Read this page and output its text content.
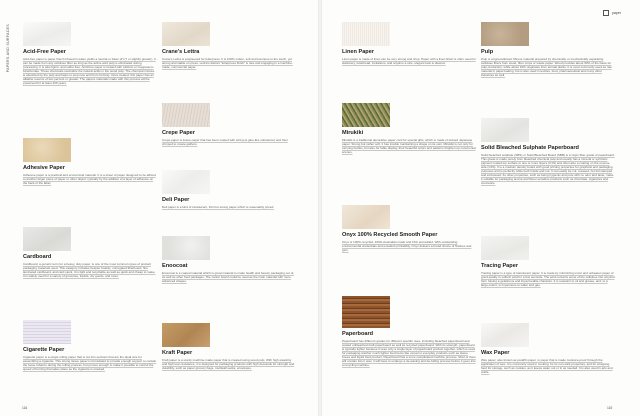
PAPERS AND SURFACES
paper
Acid-Free Paper
Acid-free paper is paper that if infused in water yields a neutral or basic pH (7 or slightly greater). It can be made from any cellulose fiber as long as the active acid pulp is eliminated during processing. It is also lignin- and sulfur-free. Acid-free paper is treated with calcium or magnesium bicarbonate. These chemicals neutralize the natural acids in the wood pulp. The chemical mixture is absorbed by the pulp and helps to stop new acid from forming. Once treated, this paper has an alkaline reserve of two percent or greater. The papers materials made with this process will be preserved for at least 100 years.
Adhesive Paper
Adhesive paper is a practical and economical material. It is a sheet of paper designed to be affixed to another larger piece of paper or other object, typically by the addition of a layer of adhesive on the back of the label.
Cardboard
Cardboard, a generic term for a heavy, duty paper, is one of the most common types of product packaging materials used. This category includes heavier boards, corrugated fiberboard, fine laminated cardboard, and card stock. It is light and recyclable as well as quick and cheap to make. It is widely used for a variety of groceries, liquids, dry goods, and more.
Cigarette Paper
Cigarette paper is a single rolling paper that is cut into sections that are the ideal size for assembling a cigarette. This strong tissue paper is formulated to provide enough support to contain the loose tobacco during the rolling process, but porous enough to make it possible to control the speed of burning that takes place as the cigarette is smoked.
Crane's Lettra
Crane's Lettra is engineered for letterpress. It is 100% cotton, soft and luxurious to the touch, yet strong and stable on press. Lettra's distinct "letterpress finish" is rare and engaging in a machine-made, commercial paper.
Crepe Paper
Crepe paper is tissue paper that has been coated with sizing (a glue-like substance) and then crimped to create gathers.
Deli Paper
Deli paper is a kind of translucent, thin but strong paper which is reasonably priced.
Enoocoat
Enoocoat is a coated material which is great material to make health and beauty packaging out of, as well as other food packages. The carton board could be used as the main material with more advanced shapes.
Kraft Paper
Kraft paper is a sturdy machine-made paper that is created using wood pulp. With high elasticity and high tear resistance, it is designed for packaging products with high demands for strength and durability, such as paper grocery bags, multiwall sacks, envelopes.
Linen Paper
Linen paper is made of linen can be very strong and crisp. Paper with a linen finish is often used for stationery, letterhead, invitations, and anytime a nice, elegant look is desired.
Mirukiki
Mirukiki is a traditional decorative paper cord for special gifts, which is made of twisted Japanese paper. Strong but rather soft, it has trouble maintaining a shape on its own. Mirukiki is not only for carrying bottles, but also for table display, their beautiful colors and patterns brighten up ceremonial scenes.
Onyx 100% Recycled Smooth Paper
Onyx is 100% recycled, 100% Australian made and FSC accredited. With outstanding environmental credentials and excellent printability, Onyx delivers a broad choice of finishes and gsm.
Paperboard
Paperboard has different grades for different specific uses, including bleached paperboard and coated unbleached kraft paperboard as well as recycled paperboard. With its strength, paperboard is typically lighter because it uses only a single layer of paperboard product together, which is used for packaging another much lighter food items like cereal or everyday products such as tissue boxes and liquid food product. Paperboard has a more complicated machine process. Most of them will contain foil or wax; it will have to undergo a de-waxing and de-foiling process before it goes into a recycling machine.
Pulp
Pulp is a lignocellulosic fibrous material prepared by chemically or mechanically separating cellulose fibers from wood, fiber crops or waste paper. Wood provides about 90% of the basis for pulp production, while about 10% originates from annual plants. It is most commonly used as raw material in papermaking, but is also used in textiles, food, pharmaceutical and many other industries as well.
Solid Bleached Sulphate Paperboard
Solid bleached sulphate (SBS) or Solid Bleached Board (SBB) is a virgin fiber grade of paperboard. This grade is made purely from bleached chemical pulp and usually has a mineral or synthetic pigment coated top surface in one or more layers (C1S) and often also a coating on the reverse side (C2S). It is a medium density board with good printing properties for graphical and packaging purposes and is perfectly white both inside and out. It can easily be cut, creased, hot foil stamped and embossed. Its other properties, such as being hygienic and pure with no odor and taste, make it suitable for packaging aroma and flavor sensitive products such as chocolate, cigarettes and cosmetics.
Tracing Paper
Tracing paper is a type of translucent paper. It is made by minimizing uncut and unbeaten paper of good quality in sulfuric acid for a few seconds. The acid converts some of the cellulose into amyloid form having a gelatinous and impermeable character. It is resistant to oil and grease, and, to a large extent, is impervious to water and gas.
Wax Paper
Wax paper, also known as paraffin paper, is paper that is made moisture-proof through the application of wax. It is commonly used in cooking, for its non-stick properties, and for wrapping food for storage, such as cookies, as it keeps water out or in as needed. It is also used in arts and crafts.
116	115
